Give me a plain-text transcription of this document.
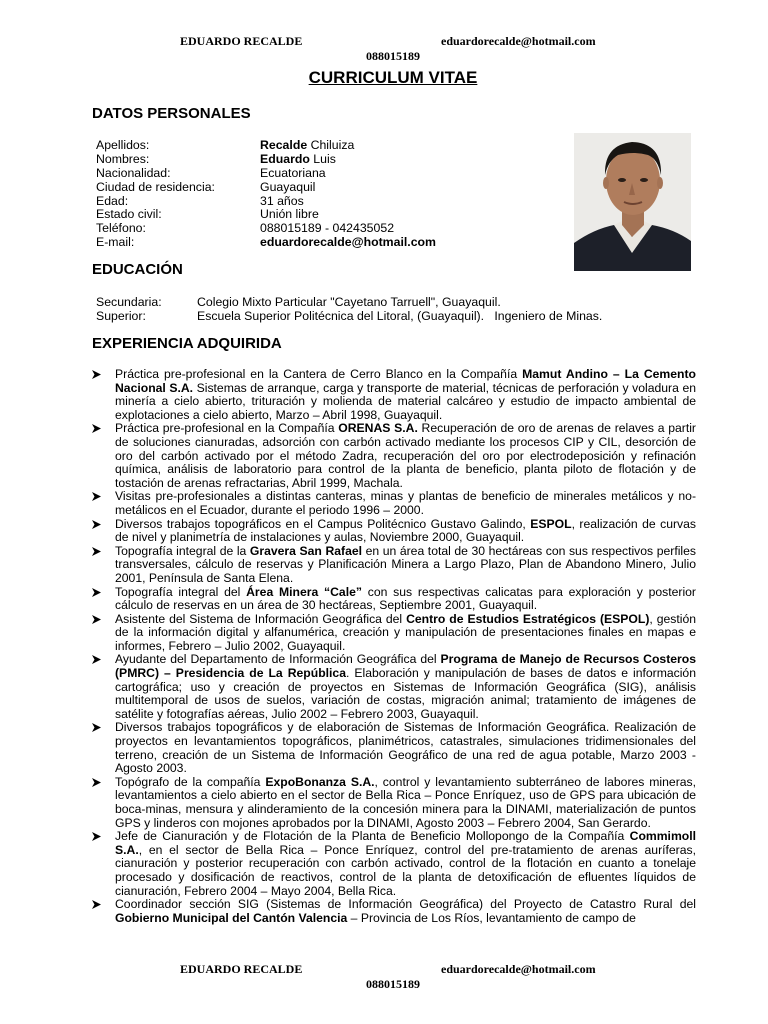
EDUARDO RECALDE	eduardorecalde@hotmail.com
088015189
CURRICULUM VITAE
DATOS PERSONALES
Apellidos:	Recalde Chiluiza
Nombres:	Eduardo Luis
Nacionalidad:	Ecuatoriana
Ciudad de residencia:	Guayaquil
Edad:	31 años
Estado civil:	Unión libre
Teléfono:	088015189 - 042435052
E-mail:	eduardorecalde@hotmail.com
EDUCACIÓN
Secundaria:	Colegio Mixto Particular "Cayetano Tarruell", Guayaquil.
Superior:	Escuela Superior Politécnica del Litoral, (Guayaquil).   Ingeniero de Minas.
EXPERIENCIA ADQUIRIDA
Práctica pre-profesional en la Cantera de Cerro Blanco en la Compañía Mamut Andino – La Cemento Nacional S.A. Sistemas de arranque, carga y transporte de material, técnicas de perforación y voladura en minería a cielo abierto, trituración y molienda de material calcáreo y estudio de impacto ambiental de explotaciones a cielo abierto, Marzo – Abril 1998, Guayaquil.
Práctica pre-profesional en la Compañía ORENAS S.A. Recuperación de oro de arenas de relaves a partir de soluciones cianuradas, adsorción con carbón activado mediante los procesos CIP y CIL, desorción de oro del carbón activado por el método Zadra, recuperación del oro por electrodeposición y refinación química, análisis de laboratorio para control de la planta de beneficio, planta piloto de flotación y de tostación de arenas refractarias, Abril 1999, Machala.
Visitas pre-profesionales a distintas canteras, minas y plantas de beneficio de minerales metálicos y no-metálicos en el Ecuador, durante el periodo 1996 – 2000.
Diversos trabajos topográficos en el Campus Politécnico Gustavo Galindo, ESPOL, realización de curvas de nivel y planimetría de instalaciones y aulas, Noviembre 2000, Guayaquil.
Topografía integral de la Gravera San Rafael en un área total de 30 hectáreas con sus respectivos perfiles transversales, cálculo de reservas y Planificación Minera a Largo Plazo, Plan de Abandono Minero, Julio 2001, Península de Santa Elena.
Topografía integral del Área Minera “Cale” con sus respectivas calicatas para exploración y posterior cálculo de reservas en un área de 30 hectáreas, Septiembre 2001, Guayaquil.
Asistente del Sistema de Información Geográfica del Centro de Estudios Estratégicos (ESPOL), gestión de la información digital y alfanumérica, creación y manipulación de presentaciones finales en mapas e informes, Febrero – Julio 2002, Guayaquil.
Ayudante del Departamento de Información Geográfica del Programa de Manejo de Recursos Costeros (PMRC) – Presidencia de La República. Elaboración y manipulación de bases de datos e información cartográfica; uso y creación de proyectos en Sistemas de Información Geográfica (SIG), análisis multitemporal de usos de suelos, variación de costas, migración animal; tratamiento de imágenes de satélite y fotografías aéreas, Julio 2002 – Febrero 2003, Guayaquil.
Diversos trabajos topográficos y de elaboración de Sistemas de Información Geográfica. Realización de proyectos en levantamientos topográficos, planimétricos, catastrales, simulaciones tridimensionales del terreno, creación de un Sistema de Información Geográfico de una red de agua potable, Marzo 2003 - Agosto 2003.
Topógrafo de la compañía ExpoBonanza S.A., control y levantamiento subterráneo de labores mineras, levantamientos a cielo abierto en el sector de Bella Rica – Ponce Enríquez, uso de GPS para ubicación de boca-minas, mensura y alinderamiento de la concesión minera para la DINAMI, materialización de puntos GPS y linderos con mojones aprobados por la DINAMI, Agosto 2003 – Febrero 2004, San Gerardo.
Jefe de Cianuración y de Flotación de la Planta de Beneficio Mollopongo de la Compañía Commimoll S.A., en el sector de Bella Rica – Ponce Enríquez, control del pre-tratamiento de arenas auríferas, cianuración y posterior recuperación con carbón activado, control de la flotación en cuanto a tonelaje procesado y dosificación de reactivos, control de la planta de detoxificación de efluentes líquidos de cianuración, Febrero 2004 – Mayo 2004, Bella Rica.
Coordinador sección SIG (Sistemas de Información Geográfica) del Proyecto de Catastro Rural del Gobierno Municipal del Cantón Valencia – Provincia de Los Ríos, levantamiento de campo de
EDUARDO RECALDE	eduardorecalde@hotmail.com
088015189
